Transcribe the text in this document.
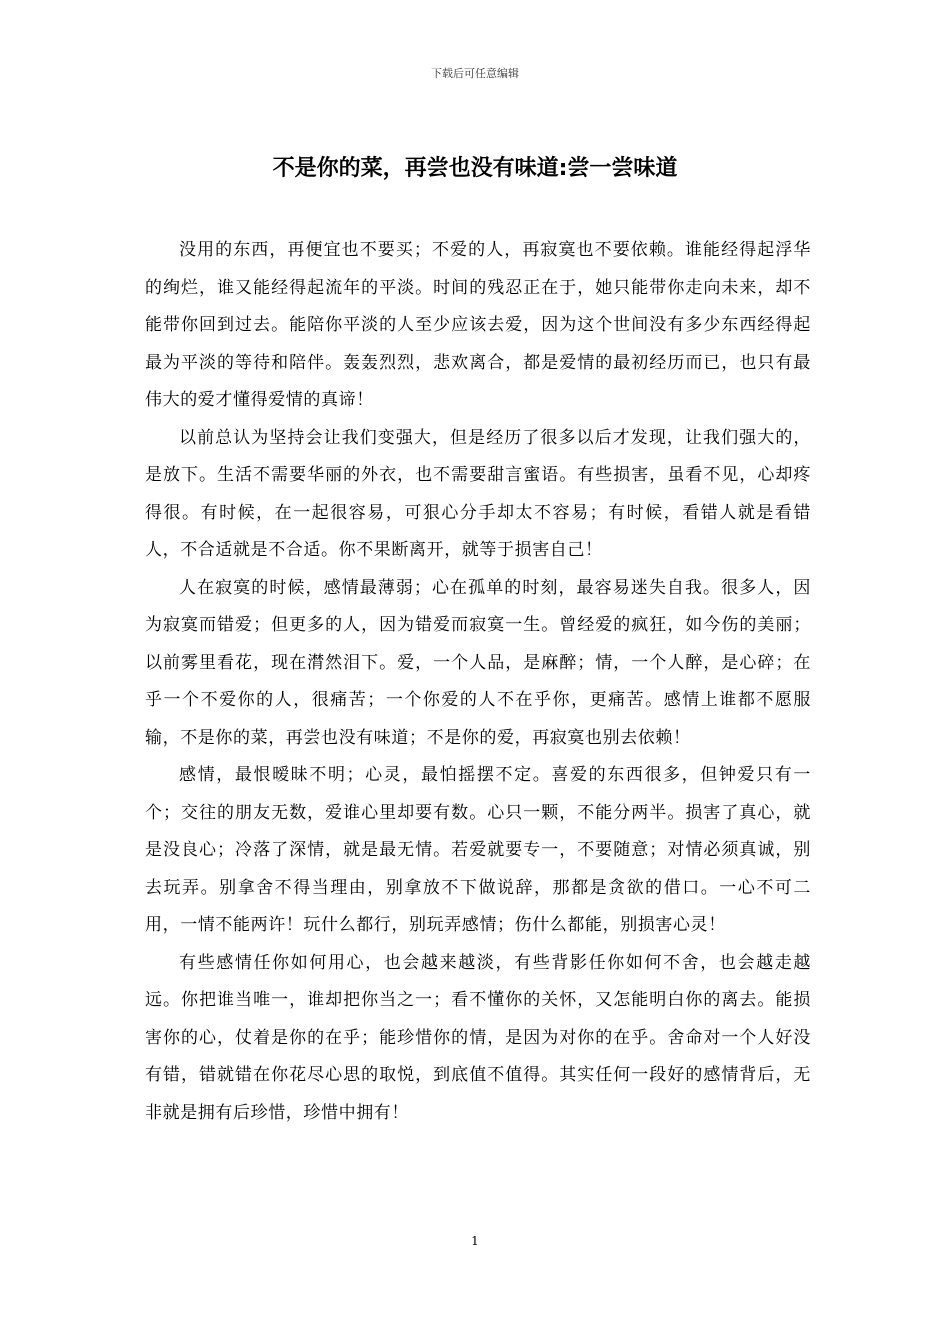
下载后可任意编辑
不是你的菜，再尝也没有味道:尝一尝味道

没用的东西，再便宜也不要买；不爱的人，再寂寞也不要依赖。谁能经得起浮华的绚烂，谁又能经得起流年的平淡。时间的残忍正在于，她只能带你走向未来，却不能带你回到过去。能陪你平淡的人至少应该去爱，因为这个世间没有多少东西经得起最为平淡的等待和陪伴。轰轰烈烈，悲欢离合，都是爱情的最初经历而已，也只有最伟大的爱才懂得爱情的真谛！

以前总认为坚持会让我们变强大，但是经历了很多以后才发现，让我们强大的，是放下。生活不需要华丽的外衣，也不需要甜言蜜语。有些损害，虽看不见，心却疼得很。有时候，在一起很容易，可狠心分手却太不容易；有时候，看错人就是看错人，不合适就是不合适。你不果断离开，就等于损害自己！

人在寂寞的时候，感情最薄弱；心在孤单的时刻，最容易迷失自我。很多人，因为寂寞而错爱；但更多的人，因为错爱而寂寞一生。曾经爱的疯狂，如今伤的美丽；以前雾里看花，现在潸然泪下。爱，一个人品，是麻醉；情，一个人醉，是心碎；在乎一个不爱你的人，很痛苦；一个你爱的人不在乎你，更痛苦。感情上谁都不愿服输，不是你的菜，再尝也没有味道；不是你的爱，再寂寞也别去依赖！

感情，最恨暧昧不明；心灵，最怕摇摆不定。喜爱的东西很多，但钟爱只有一个；交往的朋友无数，爱谁心里却要有数。心只一颗，不能分两半。损害了真心，就是没良心；冷落了深情，就是最无情。若爱就要专一，不要随意；对情必须真诚，别去玩弄。别拿舍不得当理由，别拿放不下做说辞，那都是贪欲的借口。一心不可二用，一情不能两许！玩什么都行，别玩弄感情；伤什么都能，别损害心灵！

有些感情任你如何用心，也会越来越淡，有些背影任你如何不舍，也会越走越远。你把谁当唯一，谁却把你当之一；看不懂你的关怀，又怎能明白你的离去。能损害你的心，仗着是你的在乎；能珍惜你的情，是因为对你的在乎。舍命对一个人好没有错，错就错在你花尽心思的取悦，到底值不值得。其实任何一段好的感情背后，无非就是拥有后珍惜，珍惜中拥有！

1
